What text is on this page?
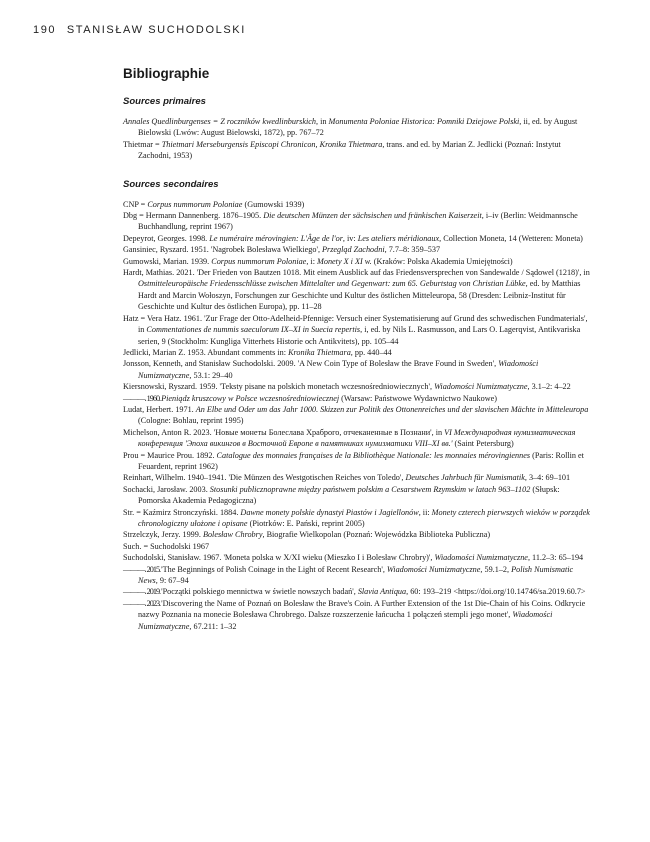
190 STANISŁAW SUCHODOLSKI
Bibliographie
Sources primaires

Annales Quedlinburgenses = Z roczników kwedlinburskich, in Monumenta Poloniae Historica: Pomniki Dziejowe Polski, ii, ed. by August Bielowski (Lwów: August Bielowski, 1872), pp. 767–72

Thietmar = Thietmari Merseburgensis Episcopi Chronicon, Kronika Thietmara, trans. and ed. by Marian Z. Jedlicki (Poznań: Instytut Zachodni, 1953)

Sources secondaires

CNP = Corpus nummorum Poloniae (Gumowski 1939)

Dbg = Hermann Dannenberg. 1876–1905. Die deutschen Münzen der sächsischen und fränkischen Kaiserzeit, i–iv (Berlin: Weidmannsche Buchhandlung, reprint 1967)

Depeyrot, Georges. 1998. Le numéraire mérovingien: L'Âge de l'or, iv: Les ateliers méridionaux, Collection Moneta, 14 (Wetteren: Moneta)

Gansiniec, Ryszard. 1951. 'Nagrobek Bolesława Wielkiego', Przegląd Zachodni, 7.7–8: 359–537

Gumowski, Marian. 1939. Corpus nummorum Poloniae, i: Monety X i XI w. (Kraków: Polska Akademia Umiejętności)

Hardt, Mathias. 2021. 'Der Frieden von Bautzen 1018. Mit einem Ausblick auf das Friedensversprechen von Sandewalde / Sądowel (1218)', in Ostmitteleuropäische Friedensschlüsse zwischen Mittelalter und Gegenwart: zum 65. Geburtstag von Christian Lübke, ed. by Matthias Hardt and Marcin Wołoszyn, Forschungen zur Geschichte und Kultur des östlichen Mitteleuropa, 58 (Dresden: Leibniz-Institut für Geschichte und Kultur des östlichen Europa), pp. 11–28

Hatz = Vera Hatz. 1961. 'Zur Frage der Otto-Adelheid-Pfennige: Versuch einer Systematisierung auf Grund des schwedischen Fundmaterials', in Commentationes de nummis saeculorum IX–XI in Suecia repertis, i, ed. by Nils L. Rasmusson, and Lars O. Lagerqvist, Antikvariska serien, 9 (Stockholm: Kungliga Vitterhets Historie och Antikvitets), pp. 105–44

Jedlicki, Marian Z. 1953. Abundant comments in: Kronika Thietmara, pp. 440–44

Jonsson, Kenneth, and Stanisław Suchodolski. 2009. 'A New Coin Type of Bolesław the Brave Found in Sweden', Wiadomości Numizmatyczne, 53.1: 29–40

Kiersnowski, Ryszard. 1959. 'Teksty pisane na polskich monetach wczesnośredniowiecznych', Wiadomości Numizmatyczne, 3.1–2: 4–22

———. 1960. Pieniądz kruszcowy w Polsce wczesnośredniowiecznej (Warsaw: Państwowe Wydawnictwo Naukowe)

Ludat, Herbert. 1971. An Elbe und Oder um das Jahr 1000. Skizzen zur Politik des Ottonenreiches und der slavischen Mächte in Mitteleuropa (Cologne: Bohlau, reprint 1995)

Michelson, Anton R. 2023. 'Новые монеты Болеслава Храброго, отчеканенные в Познани', in VI Международная нумизматическая конференция 'Эпоха викингов в Восточной Европе в памятниках нумизматики VIII–XI вв.' (Saint Petersburg)

Prou = Maurice Prou. 1892. Catalogue des monnaies françaises de la Bibliothèque Nationale: les monnaies mérovingiennes (Paris: Rollin et Feuardent, reprint 1962)

Reinhart, Wilhelm. 1940–1941. 'Die Münzen des Westgotischen Reiches von Toledo', Deutsches Jahrbuch für Numismatik, 3–4: 69–101

Sochacki, Jarosław. 2003. Stosunki publicznoprawne między państwem polskim a Cesarstwem Rzymskim w latach 963–1102 (Słupsk: Pomorska Akademia Pedagogiczna)

Str. = Kaźmirz Stronczyński. 1884. Dawne monety polskie dynastyi Piastów i Jagiellonów, ii: Monety czterech pierwszych wieków w porządek chronologiczny ułożone i opisane (Piotrków: E. Pański, reprint 2005)

Strzelczyk, Jerzy. 1999. Bolesław Chrobry, Biografie Wielkopolan (Poznań: Wojewódzka Biblioteka Publiczna)

Such. = Suchodolski 1967

Suchodolski, Stanisław. 1967. 'Moneta polska w X/XI wieku (Mieszko I i Bolesław Chrobry)', Wiadomości Numizmatyczne, 11.2–3: 65–194

———. 2015. 'The Beginnings of Polish Coinage in the Light of Recent Research', Wiadomości Numizmatyczne, 59.1–2, Polish Numismatic News, 9: 67–94

———. 2019. 'Początki polskiego mennictwa w świetle nowszych badań', Slavia Antiqua, 60: 193–219 <https://doi.org/10.14746/sa.2019.60.7>

———. 2023. 'Discovering the Name of Poznań on Bolesław the Brave's Coin. A Further Extension of the 1st Die-Chain of his Coins. Odkrycie nazwy Poznania na monecie Bolesława Chrobrego. Dalsze rozszerzenie łańcucha 1 połączeń stempli jego monet', Wiadomości Numizmatyczne, 67.211: 1–32
